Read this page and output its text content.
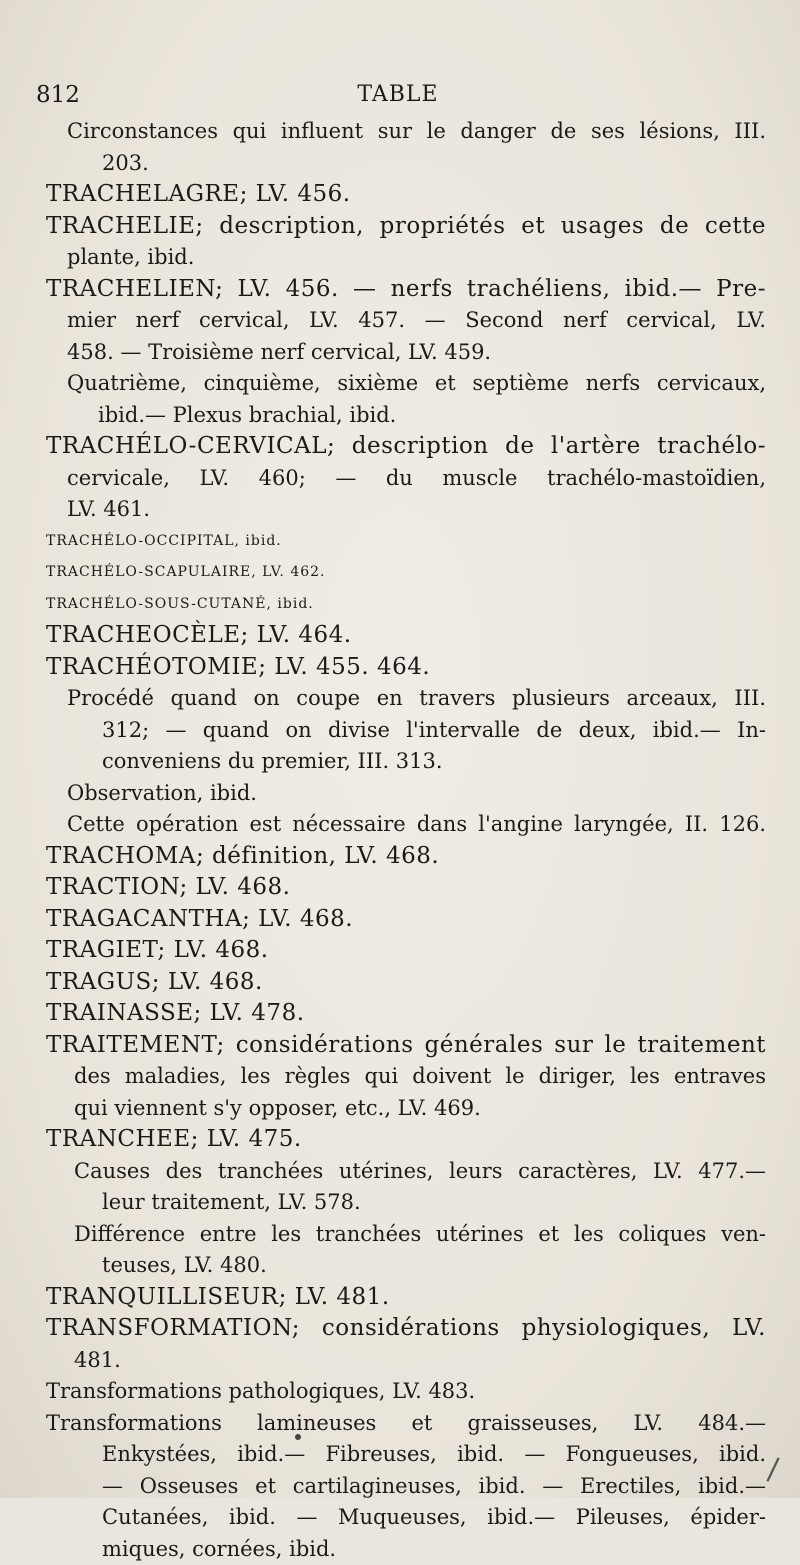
812	TABLE
Circonstances qui influent sur le danger de ses lésions, III.
203.
TRACHELAGRE; LV. 456.
TRACHELIE; description, propriétés et usages de cette
plante, ibid.
TRACHELIEN; LV. 456. — nerfs trachéliens, ibid.— Pre-
mier nerf cervical, LV. 457. — Second nerf cervical, LV.
458. — Troisième nerf cervical, LV. 459.
Quatrième, cinquième, sixième et septième nerfs cervicaux,
ibid.— Plexus brachial, ibid.
TRACHÉLO-CERVICAL; description de l'artère trachélo-
cervicale, LV. 460; — du muscle trachélo-mastoïdien,
LV. 461.
TRACHÉLO-OCCIPITAL, ibid.
TRACHÉLO-SCAPULAIRE, LV. 462.
TRACHÉLO-SOUS-CUTANÉ, ibid.
TRACHEOCÈLE; LV. 464.
TRACHÉOTOMIE; LV. 455. 464.
Procédé quand on coupe en travers plusieurs arceaux, III.
312; — quand on divise l'intervalle de deux, ibid.— In-
conveniens du premier, III. 313.
Observation, ibid.
Cette opération est nécessaire dans l'angine laryngée, II. 126.
TRACHOMA; définition, LV. 468.
TRACTION; LV. 468.
TRAGACANTHA; LV. 468.
TRAGIET; LV. 468.
TRAGUS; LV. 468.
TRAINASSE; LV. 478.
TRAITEMENT; considérations générales sur le traitement
des maladies, les règles qui doivent le diriger, les entraves
qui viennent s'y opposer, etc., LV. 469.
TRANCHEE; LV. 475.
Causes des tranchées utérines, leurs caractères, LV. 477.—
leur traitement, LV. 578.
Différence entre les tranchées utérines et les coliques ven-
teuses, LV. 480.
TRANQUILLISEUR; LV. 481.
TRANSFORMATION; considérations physiologiques, LV.
481.
Transformations pathologiques, LV. 483.
Transformations lamineuses et graisseuses, LV. 484.—
Enkystées, ibid.— Fibreuses, ibid. — Fongueuses, ibid.
— Osseuses et cartilagineuses, ibid. — Erectiles, ibid.—
Cutanées, ibid. — Muqueuses, ibid.— Pileuses, épider-
miques, cornées, ibid.
/
